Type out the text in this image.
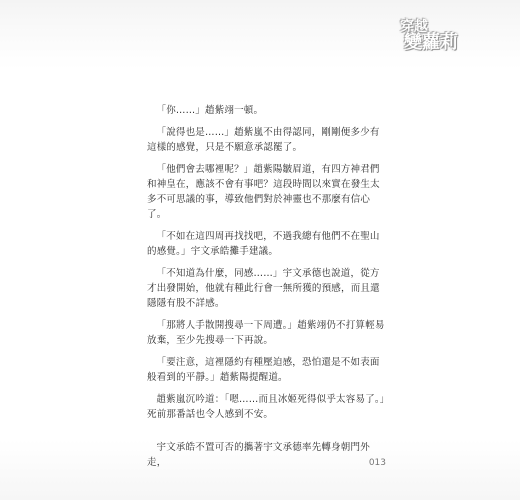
穿越
變蘿莉

「你……」趙紫翊一頓。

「說得也是……」趙紫嵐不由得認同，剛剛便多少有這樣的感覺，只是不願意承認罷了。

「他們會去哪裡呢？」趙紫陽皺眉道，有四方神君們和神皇在，應該不會有事吧？這段時間以來實在發生太多不可思議的事，導致他們對於神靈也不那麼有信心了。

「不如在這四周再找找吧，不過我總有他們不在聖山的感覺。」宇文承皓攤手建議。

「不知道為什麼，同感……」宇文承德也說道，從方才出發開始，他就有種此行會一無所獲的預感，而且還隱隱有股不詳感。

「那將人手散開搜尋一下周遭。」趙紫翊仍不打算輕易放棄，至少先搜尋一下再說。

「要注意，這裡隱約有種壓迫感，恐怕還是不如表面般看到的平靜。」趙紫陽提醒道。

趙紫嵐沉吟道：「嗯……而且冰姬死得似乎太容易了。」死前那番話也令人感到不安。

宇文承皓不置可否的攜著宇文承德率先轉身朝門外走，	013
